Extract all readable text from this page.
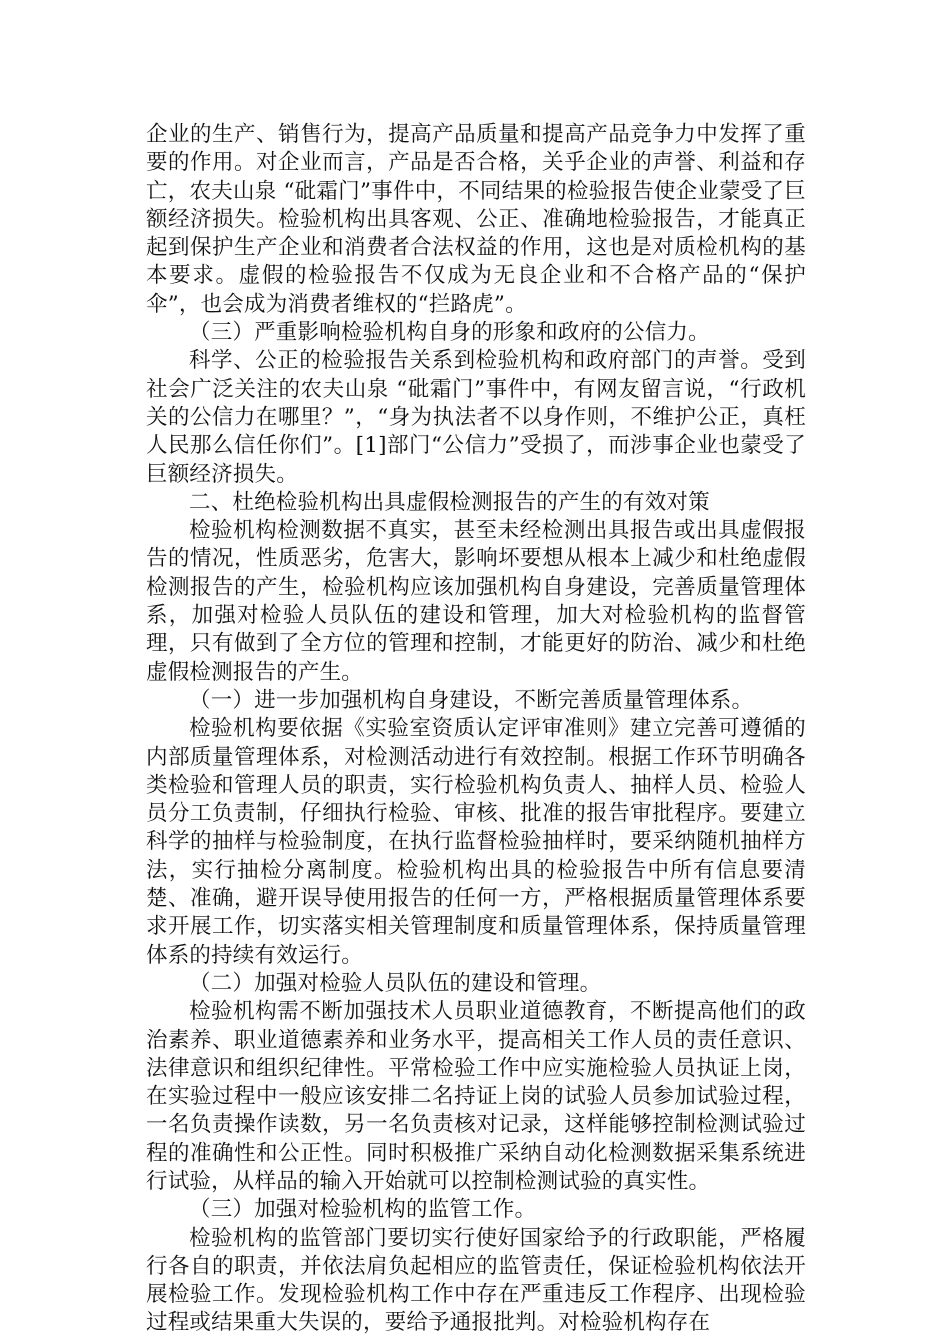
企业的生产、销售行为，提高产品质量和提高产品竞争力中发挥了重要的作用。对企业而言，产品是否合格，关乎企业的声誉、利益和存亡，农夫山泉 “砒霜门”事件中，不同结果的检验报告使企业蒙受了巨额经济损失。检验机构出具客观、公正、准确地检验报告，才能真正起到保护生产企业和消费者合法权益的作用，这也是对质检机构的基本要求。虚假的检验报告不仅成为无良企业和不合格产品的“保护伞”，也会成为消费者维权的“拦路虎”。

（三）严重影响检验机构自身的形象和政府的公信力。

科学、公正的检验报告关系到检验机构和政府部门的声誉。受到社会广泛关注的农夫山泉 “砒霜门”事件中，有网友留言说，“行政机关的公信力在哪里？”，“身为执法者不以身作则，不维护公正，真枉人民那么信任你们”。[1]部门“公信力”受损了，而涉事企业也蒙受了巨额经济损失。

二、杜绝检验机构出具虚假检测报告的产生的有效对策

检验机构检测数据不真实，甚至未经检测出具报告或出具虚假报告的情况，性质恶劣，危害大，影响坏要想从根本上减少和杜绝虚假检测报告的产生，检验机构应该加强机构自身建设，完善质量管理体系，加强对检验人员队伍的建设和管理，加大对检验机构的监督管理，只有做到了全方位的管理和控制，才能更好的防治、减少和杜绝虚假检测报告的产生。

（一）进一步加强机构自身建设，不断完善质量管理体系。

检验机构要依据《实验室资质认定评审准则》建立完善可遵循的内部质量管理体系，对检测活动进行有效控制。根据工作环节明确各类检验和管理人员的职责，实行检验机构负责人、抽样人员、检验人员分工负责制，仔细执行检验、审核、批准的报告审批程序。要建立科学的抽样与检验制度，在执行监督检验抽样时，要采纳随机抽样方法，实行抽检分离制度。检验机构出具的检验报告中所有信息要清楚、准确，避开误导使用报告的任何一方，严格根据质量管理体系要求开展工作，切实落实相关管理制度和质量管理体系，保持质量管理体系的持续有效运行。

（二）加强对检验人员队伍的建设和管理。

检验机构需不断加强技术人员职业道德教育，不断提高他们的政治素养、职业道德素养和业务水平，提高相关工作人员的责任意识、法律意识和组织纪律性。平常检验工作中应实施检验人员执证上岗，在实验过程中一般应该安排二名持证上岗的试验人员参加试验过程，一名负责操作读数，另一名负责核对记录，这样能够控制检测试验过程的准确性和公正性。同时积极推广采纳自动化检测数据采集系统进行试验，从样品的输入开始就可以控制检测试验的真实性。

（三）加强对检验机构的监管工作。

检验机构的监管部门要切实行使好国家给予的行政职能，严格履行各自的职责，并依法肩负起相应的监管责任，保证检验机构依法开展检验工作。发现检验机构工作中存在严重违反工作程序、出现检验过程或结果重大失误的，要给予通报批判。对检验机构存在
